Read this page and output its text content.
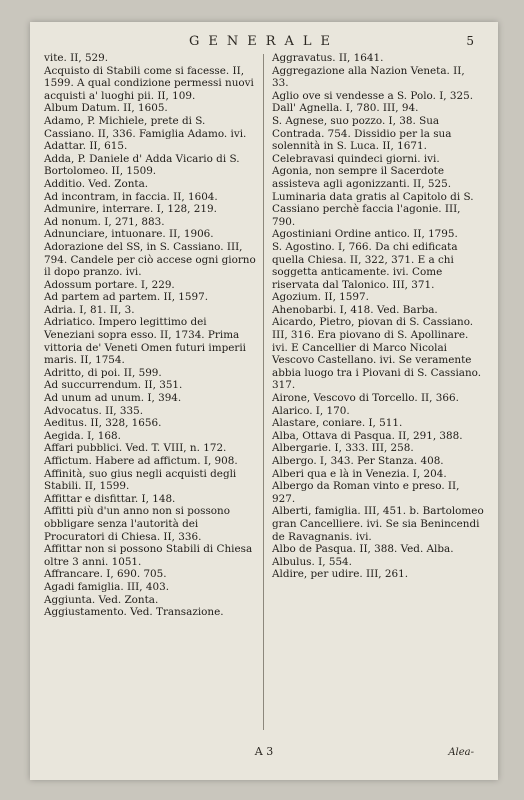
GENERALE	5
vite. II, 529.
Acquisto di Stabili come si facesse. II, 1599. A qual condizione permessi nuovi acquisti a' luoghi pii. II, 109.
Album Datum. II, 1605.
Adamo, P. Michiele, prete di S. Cassiano. II, 336. Famiglia Adamo. ivi.
Adattar. II, 615.
Adda, P. Daniele d' Adda Vicario di S. Bortolomeo. II, 1509.
Additio. Ved. Zonta.
Ad incontram, in faccia. II, 1604.
Admunire, interrare. I, 128, 219.
Ad nonum. I, 271, 883.
Adnunciare, intuonare. II, 1906.
Adorazione del SS, in S. Cassiano. III, 794. Candele per ciò accese ogni giorno il dopo pranzo. ivi.
Adossum portare. I, 229.
Ad partem ad partem. II, 1597.
Adria. I, 81. II, 3.
Adriatico. Impero legittimo dei Veneziani sopra esso. II, 1734. Prima vittoria de' Veneti Omen futuri imperii maris. II, 1754.
Adritto, di poi. II, 599.
Ad succurrendum. II, 351.
Ad unum ad unum. I, 394.
Advocatus. II, 335.
Aeditus. II, 328, 1656.
Aegida. I, 168.
Affari pubblici. Ved. T. VIII, n. 172.
Affictum. Habere ad affictum. I, 908.
Affinità, suo gius negli acquisti degli Stabili. II, 1599.
Affittar e disfittar. I, 148.
Affitti più d'un anno non si possono obbligare senza l'autorità dei Procuratori di Chiesa. II, 336.
Affittar non si possono Stabili di Chiesa oltre 3 anni. 1051.
Affrancare. I, 690. 705.
Agadi famiglia. III, 403.
Aggiunta. Ved. Zonta.
Aggiustamento. Ved. Transazione.
Aggravatus. II, 1641.
Aggregazione alla Nazion Veneta. II, 33.
Aglio ove si vendesse a S. Polo. I, 325.
Dall' Agnella. I, 780. III, 94.
S. Agnese, suo pozzo. I, 38. Sua Contrada. 754. Dissidio per la sua solennità in S. Luca. II, 1671. Celebravasi quindeci giorni. ivi.
Agonia, non sempre il Sacerdote assisteva agli agonizzanti. II, 525. Luminaria data gratis al Capitolo di S. Cassiano perchè faccia l'agonie. III, 790.
Agostiniani Ordine antico. II, 1795.
S. Agostino. I, 766. Da chi edificata quella Chiesa. II, 322, 371. E a chi soggetta anticamente. ivi. Come riservata dal Talonico. III, 371.
Agozium. II, 1597.
Ahenobarbi. I, 418. Ved. Barba.
Aicardo, Pietro, piovan di S. Cassiano. III, 316. Era piovano di S. Apollinare. ivi. E Cancellier di Marco Nicolai Vescovo Castellano. ivi. Se veramente abbia luogo tra i Piovani di S. Cassiano. 317.
Airone, Vescovo di Torcello. II, 366.
Alarico. I, 170.
Alastare, coniare. I, 511.
Alba, Ottava di Pasqua. II, 291, 388.
Albergarie. I, 333. III, 258.
Albergo. I, 343. Per Stanza. 408.
Alberi qua e là in Venezia. I, 204.
Albergo da Roman vinto e preso. II, 927.
Alberti, famiglia. III, 451. b. Bartolomeo gran Cancelliere. ivi. Se sia Benincendi de Ravagnanis. ivi.
Albo de Pasqua. II, 388. Ved. Alba.
Albulus. I, 554.
Aldire, per udire. III, 261.
A 3	Alea-
